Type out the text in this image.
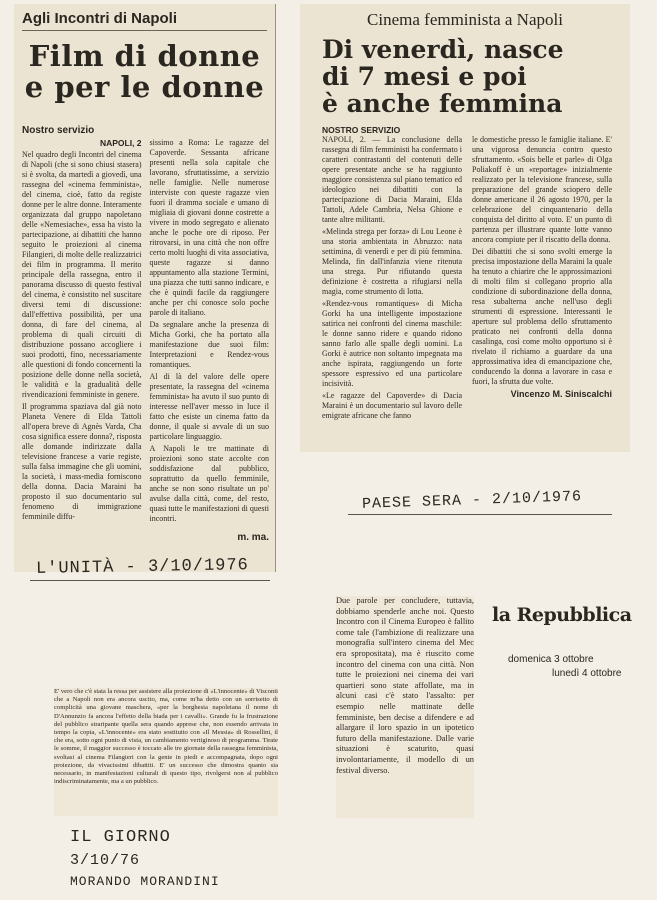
Agli Incontri di Napoli
Film di donne
e per le donne
Nostro servizio
NAPOLI, 2

Nel quadro degli Incontri del cinema di Napoli (che si sono chiusi stasera) si è svolta, da martedì a giovedì, una rassegna del «cinema femminista», del cinema, cioè, fatto da registe donne per le altre donne. Interamente organizzata dal gruppo napoletano delle «Nemesiache», essa ha visto la partecipazione, ai dibattiti che hanno seguito le proiezioni al cinema Filangieri, di molte delle realizzatrici dei film in programma. Il merito principale della rassegna, entro il panorama discusso di questo festival del cinema, è consistito nel suscitare diversi temi di discussione: dall'effettiva possibilità, per una donna, di fare del cinema, al problema di quali circuiti di distribuzione possano accogliere i suoi prodotti, fino, necessariamente alle questioni di fondo concernenti la posizione delle donne nella società, le validità e la gradualità delle rivendicazioni femministe in genere.

Il programma spaziava dal già noto Planeta Venere di Elda Tattoli all'opera breve di Agnès Varda, Cha cosa significa essere donna?, risposta alle domande indirizzate dalla televisione francese a varie registe, sulla falsa immagine che gli uomini, la società, i mass-media forniscono della donna. Dacia Maraini ha proposto il suo documentario sul fenomeno di immigrazione femminile diffu-

sissimo a Roma: Le ragazze del Capoverde. Sessanta africane presenti nella sola capitale che lavorano, sfruttatissime, a servizio nelle famiglie. Nelle numerose interviste con queste ragazze vien fuori il dramma sociale e umano di migliaia di giovani donne costrette a vivere in modo segregato e alienato anche le poche ore di riposo. Per ritrovarsi, in una città che non offre certo molti luoghi di vita associativa, queste ragazze si danno appuntamento alla stazione Termini, una piazza che tutti sanno indicare, e che è quindi facile da raggiungere anche per chi conosce solo poche parole di italiano.

Da segnalare anche la presenza di Micha Gorki, che ha portato alla manifestazione due suoi film: Interpretazioni e Rendez-vous romantiques.

Al di là del valore delle opere presentate, la rassegna del «cinema femminista» ha avuto il suo punto di interesse nell'aver messo in luce il fatto che esiste un cinema fatto da donne, il quale si avvale di un suo particolare linguaggio.

A Napoli le tre mattinate di proiezioni sono state accolte con soddisfazione dal pubblico, soprattutto da quello femminile, anche se non sono risultate un po' avulse dalla città, come, del resto, quasi tutte le manifestazioni di questi incontri.

m. ma.
Cinema femminista a Napoli
Di venerdì, nasce
di 7 mesi e poi
è anche femmina
NOSTRO SERVIZIO

NAPOLI, 2. — La conclusione della rassegna di film femministi ha confermato i caratteri contrastanti del contenuti delle opere presentate anche se ha raggiunto maggiore consistenza sul piano tematico ed ideologico nei dibattiti con la partecipazione di Dacia Maraini, Elda Tattoli, Adele Cambria, Nelsa Ghione e tante altre militanti.

«Melinda strega per forza» di Lou Leone è una storia ambientata in Abruzzo: nata settimina, di venerdì e per di più femmina. Melinda, fin dall'infanzia viene ritenuta una strega. Pur rifiutando questa definizione è costretta a rifugiarsi nella magia, come strumento di lotta.

«Rendez-vous romantiques» di Micha Gorki ha una intelligente impostazione satirica nei confronti del cinema maschile: le donne sanno ridere e quando ridono sanno farlo alle spalle degli uomini. La Gorki è autrice non soltanto impegnata ma anche ispirata, raggiungendo un forte spessore espressivo ed una particolare incisività.

«Le ragazze del Capoverde» di Dacia Maraini è un documentario sul lavoro delle emigrate africane che fanno

le domestiche presso le famiglie italiane. E' una vigorosa denuncia contro questo sfruttamento. «Sois belle et parle» di Olga Poliakoff è un «reportage» inizialmente realizzato per la televisione francese, sulla preparazione del grande sciopero delle donne americane il 26 agosto 1970, per la celebrazione del cinquantenario della conquista del diritto al voto. E' un punto di partenza per illustrare quante lotte vanno ancora compiute per il riscatto della donna.

Dei dibattiti che si sono svolti emerge la precisa impostazione della Maraini la quale ha tenuto a chiarire che le approssimazioni di molti film si collegano proprio alla condizione di subordinazione della donna, resa subalterna anche nell'uso degli strumenti di espressione. Interessanti le aperture sul problema dello sfruttamento praticato nei confronti della donna casalinga, così come molto opportuno si è rivelato il richiamo a guardare da una approssimativa idea di emancipazione che, conducendo la donna a lavorare in casa e fuori, la sfrutta due volte.

Vincenzo M. Siniscalchi
L'UNITÀ - 3/10/1976
PAESE SERA - 2/10/1976
IL GIORNO
3/10/76
MORANDO MORANDINI

E' vero che c'è stata la ressa per assistere alla proiezione di «L'innocente» di Visconti che a Napoli non era ancora uscito, ma, come m'ha detto con un sorrisetto di complicità una giovane maschera, «per la borghesia napoletana il nome di D'Annunzio fa ancora l'effetto della biada per i cavalli». Grande fu la frustrazione del pubblico straripante quella sera quando apprese che, non essendo arrivata in tempo la copia, «L'innocente» era stato sostituito con «Il Messia» di Rossellini, il che era, sotto ogni punto di vista, un cambiamento vertiginoso di programma. Tirate le somme, il maggior successo è toccato alle tre giornate della rassegna femminista, svoltasi al cinema Filangieri con la gente in piedi e accompagnata, dopo ogni proiezione, da vivacissimi dibattiti. E' un successo che dimostra quanto sia necessario, in manifestazioni culturali di questo tipo, rivolgersi non al pubblico indiscriminatamente, ma a un pubblico.

Due parole per concludere, tuttavia, dobbiamo spenderle anche noi. Questo Incontro con il Cinema Europeo è fallito come tale (l'ambizione di realizzare una monografia sull'intero cinema del Mec era spropositata), ma è riuscito come incontro del cinema con una città. Non tutte le proiezioni nei cinema dei vari quartieri sono state affollate, ma in alcuni casi c'è stato l'assalto: per esempio nelle mattinate delle femministe, ben decise a difendere e ad allargare il loro spazio in un ipotetico futuro della manifestazione. Dalle varie situazioni è scaturito, quasi involontariamente, il modello di un festival diverso.

la Repubblica
domenica 3 ottobre
lunedì 4 ottobre
